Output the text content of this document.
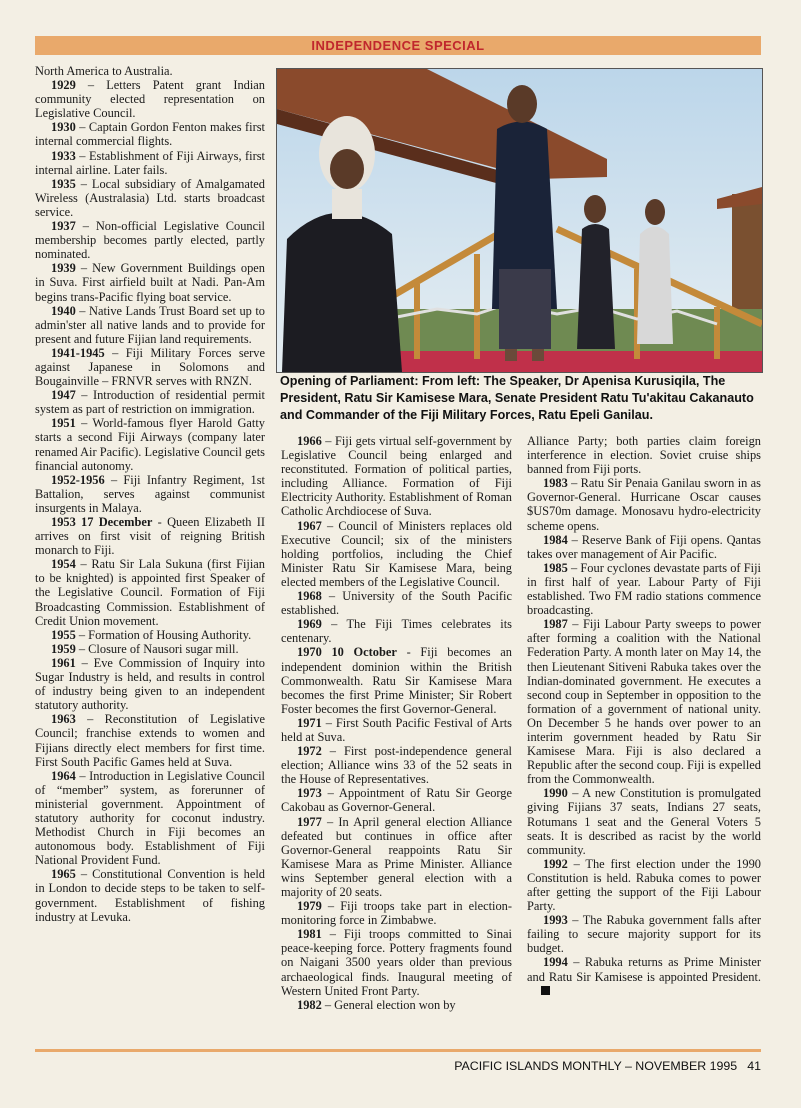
INDEPENDENCE SPECIAL

North America to Australia.

1929 – Letters Patent grant Indian community elected representation on Legislative Council.

1930 – Captain Gordon Fenton makes first internal commercial flights.

1933 – Establishment of Fiji Airways, first internal airline. Later fails.

1935 – Local subsidiary of Amalgamated Wireless (Australasia) Ltd. starts broadcast service.

1937 – Non-official Legislative Council membership becomes partly elected, partly nominated.

1939 – New Government Buildings open in Suva. First airfield built at Nadi. Pan-Am begins trans-Pacific flying boat service.

1940 – Native Lands Trust Board set up to admin'ster all native lands and to provide for present and future Fijian land requirements.

1941-1945 – Fiji Military Forces serve against Japanese in Solomons and Bougainville – FRNVR serves with RNZN.

1947 – Introduction of residential permit system as part of restriction on immigration.

1951 – World-famous flyer Harold Gatty starts a second Fiji Airways (company later renamed Air Pacific). Legislative Council gets financial autonomy.

1952-1956 – Fiji Infantry Regiment, 1st Battalion, serves against communist insurgents in Malaya.

1953 17 December - Queen Elizabeth II arrives on first visit of reigning British monarch to Fiji.

1954 – Ratu Sir Lala Sukuna (first Fijian to be knighted) is appointed first Speaker of the Legislative Council. Formation of Fiji Broadcasting Commission. Establishment of Credit Union movement.

1955 – Formation of Housing Authority.

1959 – Closure of Nausori sugar mill.

1961 – Eve Commission of Inquiry into Sugar Industry is held, and results in control of industry being given to an independent statutory authority.

1963 – Reconstitution of Legislative Council; franchise extends to women and Fijians directly elect members for first time. First South Pacific Games held at Suva.

1964 – Introduction in Legislative Council of “member” system, as forerunner of ministerial government. Appointment of statutory authority for coconut industry. Methodist Church in Fiji becomes an autonomous body. Establishment of Fiji National Provident Fund.

1965 – Constitutional Convention is held in London to decide steps to be taken to self-government. Establishment of fishing industry at Levuka.

Opening of Parliament: From left: The Speaker, Dr Apenisa Kurusiqila, The President, Ratu Sir Kamisese Mara, Senate President Ratu Tu'akitau Cakanauto and Commander of the Fiji Military Forces, Ratu Epeli Ganilau.

1966 – Fiji gets virtual self-government by Legislative Council being enlarged and reconstituted. Formation of political parties, including Alliance. Formation of Fiji Electricity Authority. Establishment of Roman Catholic Archdiocese of Suva.

1967 – Council of Ministers replaces old Executive Council; six of the ministers holding portfolios, including the Chief Minister Ratu Sir Kamisese Mara, being elected members of the Legislative Council.

1968 – University of the South Pacific established.

1969 – The Fiji Times celebrates its centenary.

1970 10 October - Fiji becomes an independent dominion within the British Commonwealth. Ratu Sir Kamisese Mara becomes the first Prime Minister; Sir Robert Foster becomes the first Governor-General.

1971 – First South Pacific Festival of Arts held at Suva.

1972 – First post-independence general election; Alliance wins 33 of the 52 seats in the House of Representatives.

1973 – Appointment of Ratu Sir George Cakobau as Governor-General.

1977 – In April general election Alliance defeated but continues in office after Governor-General reappoints Ratu Sir Kamisese Mara as Prime Minister. Alliance wins September general election with a majority of 20 seats.

1979 – Fiji troops take part in election-monitoring force in Zimbabwe.

1981 – Fiji troops committed to Sinai peace-keeping force. Pottery fragments found on Naigani 3500 years older than previous archaeological finds. Inaugural meeting of Western United Front Party.

1982 – General election won by

Alliance Party; both parties claim foreign interference in election. Soviet cruise ships banned from Fiji ports.

1983 – Ratu Sir Penaia Ganilau sworn in as Governor-General. Hurricane Oscar causes $US70m damage. Monosavu hydro-electricity scheme opens.

1984 – Reserve Bank of Fiji opens. Qantas takes over management of Air Pacific.

1985 – Four cyclones devastate parts of Fiji in first half of year. Labour Party of Fiji established. Two FM radio stations commence broadcasting.

1987 – Fiji Labour Party sweeps to power after forming a coalition with the National Federation Party. A month later on May 14, the then Lieutenant Sitiveni Rabuka takes over the Indian-dominated government. He executes a second coup in September in opposition to the formation of a government of national unity. On December 5 he hands over power to an interim government headed by Ratu Sir Kamisese Mara. Fiji is also declared a Republic after the second coup. Fiji is expelled from the Commonwealth.

1990 – A new Constitution is promulgated giving Fijians 37 seats, Indians 27 seats, Rotumans 1 seat and the General Voters 5 seats. It is described as racist by the world community.

1992 – The first election under the 1990 Constitution is held. Rabuka comes to power after getting the support of the Fiji Labour Party.

1993 – The Rabuka government falls after failing to secure majority support for its budget.

1994 – Rabuka returns as Prime Minister and Ratu Sir Kamisese is appointed President.

PACIFIC ISLANDS MONTHLY – NOVEMBER 1995 41
